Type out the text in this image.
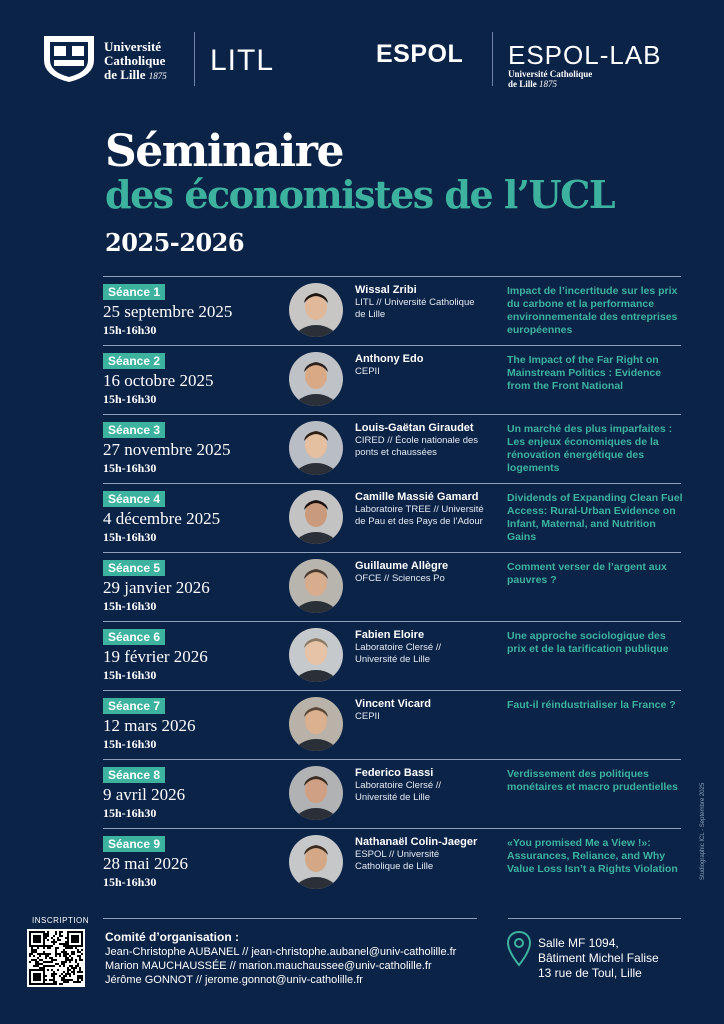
Université
Catholique
de Lille 1875 LITL	ESPOL ESPOL-LAB
Université Catholique
de Lille 1875
Séminaire
des économistes de l’UCL
2025-2026
Séance 1
25 septembre 2025
15h-16h30
Wissal Zribi
LITL // Université Catholique de Lille
Impact de l’incertitude sur les prix du carbone et la performance environnementale des entreprises européennes
Séance 2
16 octobre 2025
15h-16h30
Anthony Edo
CEPII
The Impact of the Far Right on Mainstream Politics : Evidence from the Front National
Séance 3
27 novembre 2025
15h-16h30
Louis-Gaëtan Giraudet
CIRED // École nationale des ponts et chaussées
Un marché des plus imparfaites : Les enjeux économiques de la rénovation énergétique des logements
Séance 4
4 décembre 2025
15h-16h30
Camille Massié Gamard
Laboratoire TREE // Université de Pau et des Pays de l’Adour
Dividends of Expanding Clean Fuel Access: Rural-Urban Evidence on Infant, Maternal, and Nutrition Gains
Séance 5
29 janvier 2026
15h-16h30
Guillaume Allègre
OFCE // Sciences Po
Comment verser de l’argent aux pauvres ?
Séance 6
19 février 2026
15h-16h30
Fabien Eloire
Laboratoire Clersé // Université de Lille
Une approche sociologique des prix et de la tarification publique
Séance 7
12 mars 2026
15h-16h30
Vincent Vicard
CEPII
Faut-il réindustrialiser la France ?
Séance 8
9 avril 2026
15h-16h30
Federico Bassi
Laboratoire Clersé // Université de Lille
Verdissement des politiques monétaires et macro prudentielles
Séance 9
28 mai 2026
15h-16h30
Nathanaël Colin-Jaeger
ESPOL // Université Catholique de Lille
«You promised Me a View !»: Assurances, Reliance, and Why Value Loss Isn’t a Rights Violation
INSCRIPTION
Comité d’organisation :
Jean-Christophe AUBANEL // jean-christophe.aubanel@univ-catholille.fr
Marion MAUCHAUSSÉE // marion.mauchaussee@univ-catholille.fr
Jérôme GONNOT // jerome.gonnot@univ-catholille.fr
Salle MF 1094,
Bâtiment Michel Falise
13 rue de Toul, Lille
Studiographic ICL - Septembre 2025
